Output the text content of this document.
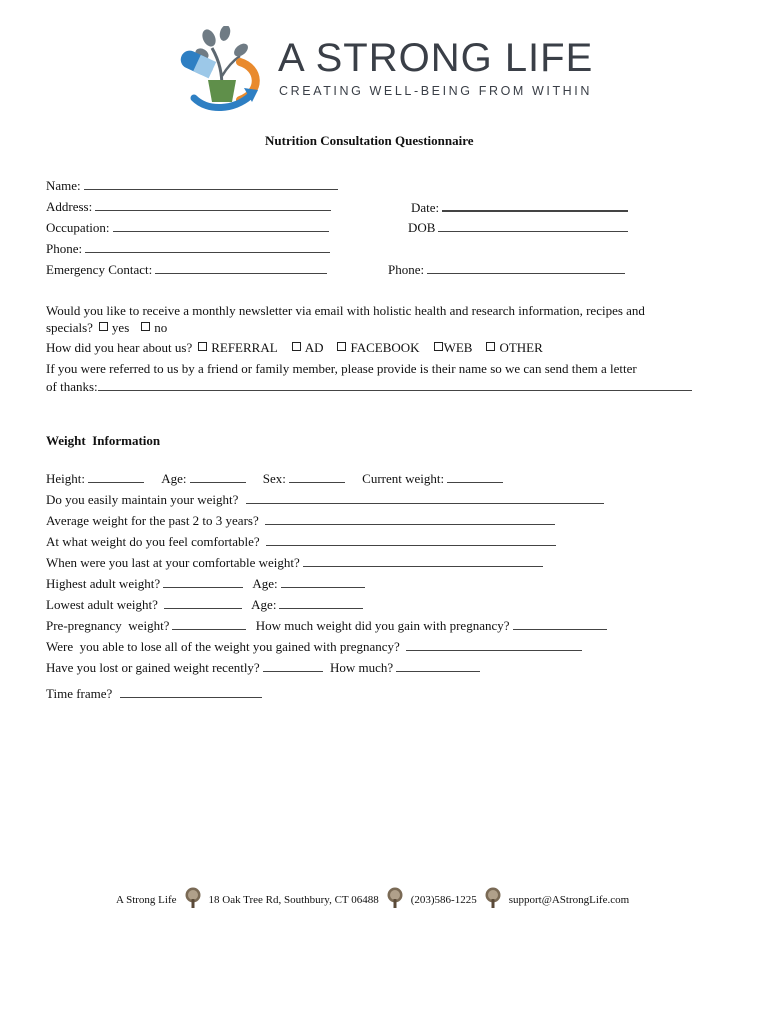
A STRONG LIFE
CREATING WELL-BEING FROM WITHIN
Nutrition Consultation Questionnaire
Name:
Address:	Date:
Occupation:	DOB
Phone:
Emergency Contact:	Phone:
Would you like to receive a monthly newsletter via email with holistic health and research information, recipes and
specials? yes no
How did you hear about us? REFERRAL AD FACEBOOK WEB OTHER
If you were referred to us by a friend or family member, please provide is their name so we can send them a letter
of thanks:
Weight  Information
Height:	Age:	Sex:	Current weight:
Do you easily maintain your weight?
Average weight for the past 2 to 3 years?
At what weight do you feel comfortable?
When were you last at your comfortable weight?
Highest adult weight?	Age:
Lowest adult weight?	Age:
Pre-pregnancy  weight?	How much weight did you gain with pregnancy?
Were  you able to lose all of the weight you gained with pregnancy?
Have you lost or gained weight recently?	How much?
Time frame?
A Strong Life	18 Oak Tree Rd, Southbury, CT 06488	(203)586-1225	support@AStrongLife.com
